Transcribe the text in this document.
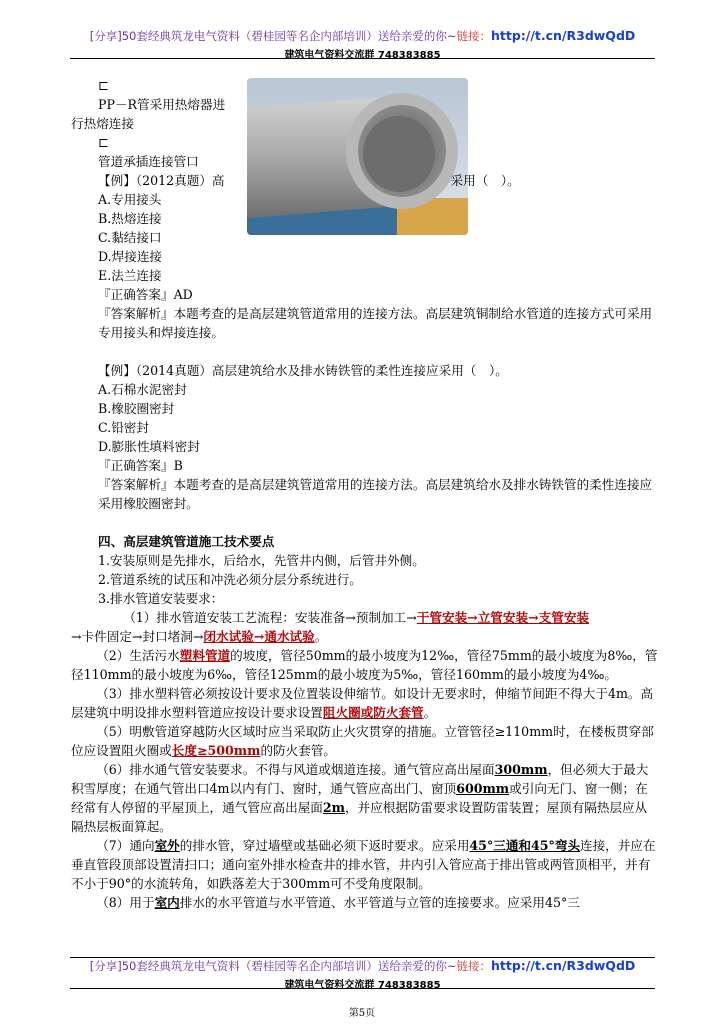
[分享]50套经典筑龙电气资料（碧桂园等名企内部培训）送给亲爱的你~链接：http://t.cn/R3dwQdD
建筑电气资料交流群 748383885

⊏

PP－R管采用热熔器进

行热熔连接

⊏

管道承插连接管口

【例】（2012真题）高	采用（　）。

A.专用接头

B.热熔连接

C.黏结接口

D.焊接连接

E.法兰连接

『正确答案』AD

『答案解析』本题考查的是高层建筑管道常用的连接方法。高层建筑铜制给水管道的连接方式可采用专用接头和焊接连接。

【例】（2014真题）高层建筑给水及排水铸铁管的柔性连接应采用（　）。

A.石棉水泥密封

B.橡胶圈密封

C.铅密封

D.膨胀性填料密封

『正确答案』B

『答案解析』本题考查的是高层建筑管道常用的连接方法。高层建筑给水及排水铸铁管的柔性连接应采用橡胶圈密封。

四、高层建筑管道施工技术要点

1.安装原则是先排水，后给水，先管井内侧，后管井外侧。

2.管道系统的试压和冲洗必须分层分系统进行。

3.排水管道安装要求：

（1）排水管道安装工艺流程：安装准备→预制加工→干管安装→立管安装→支管安装

→卡件固定→封口堵洞→闭水试验→通水试验。

（2）生活污水塑料管道的坡度，管径50mm的最小坡度为12‰，管径75mm的最小坡度为8‰，管径110mm的最小坡度为6‰，管径125mm的最小坡度为5‰，管径160mm的最小坡度为4‰。

（3）排水塑料管必须按设计要求及位置装设伸缩节。如设计无要求时，伸缩节间距不得大于4m。高层建筑中明设排水塑料管道应按设计要求设置阻火圈或防火套管。

（5）明敷管道穿越防火区域时应当采取防止火灾贯穿的措施。立管管径≥110mm时，在楼板贯穿部位应设置阻火圈或长度≥500mm的防火套管。

（6）排水通气管安装要求。不得与风道或烟道连接。通气管应高出屋面300mm，但必须大于最大积雪厚度；在通气管出口4m以内有门、窗时，通气管应高出门、窗顶600mm或引向无门、窗一侧；在经常有人停留的平屋顶上，通气管应高出屋面2m，并应根据防雷要求设置防雷装置；屋顶有隔热层应从隔热层板面算起。

（7）通向室外的排水管，穿过墙壁或基础必须下返时要求。应采用45°三通和45°弯头连接，并应在垂直管段顶部设置清扫口；通向室外排水检查井的排水管，井内引入管应高于排出管或两管顶相平，并有不小于90°的水流转角，如跌落差大于300mm可不受角度限制。

（8）用于室内排水的水平管道与水平管道、水平管道与立管的连接要求。应采用45°三

[分享]50套经典筑龙电气资料（碧桂园等名企内部培训）送给亲爱的你~链接：http://t.cn/R3dwQdD
建筑电气资料交流群 748383885
第5页
